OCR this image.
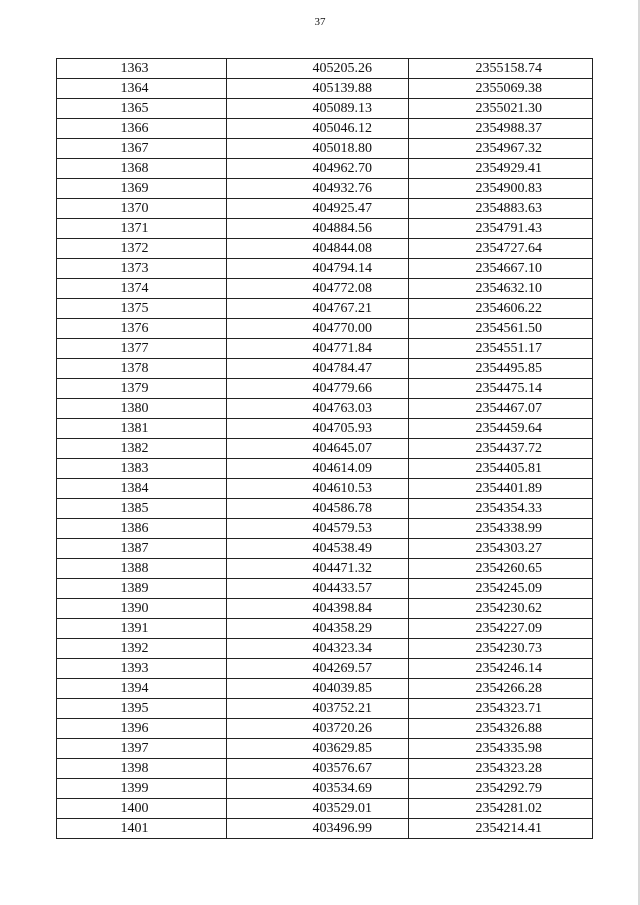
37
1363	405205.26	2355158.74
1364	405139.88	2355069.38
1365	405089.13	2355021.30
1366	405046.12	2354988.37
1367	405018.80	2354967.32
1368	404962.70	2354929.41
1369	404932.76	2354900.83
1370	404925.47	2354883.63
1371	404884.56	2354791.43
1372	404844.08	2354727.64
1373	404794.14	2354667.10
1374	404772.08	2354632.10
1375	404767.21	2354606.22
1376	404770.00	2354561.50
1377	404771.84	2354551.17
1378	404784.47	2354495.85
1379	404779.66	2354475.14
1380	404763.03	2354467.07
1381	404705.93	2354459.64
1382	404645.07	2354437.72
1383	404614.09	2354405.81
1384	404610.53	2354401.89
1385	404586.78	2354354.33
1386	404579.53	2354338.99
1387	404538.49	2354303.27
1388	404471.32	2354260.65
1389	404433.57	2354245.09
1390	404398.84	2354230.62
1391	404358.29	2354227.09
1392	404323.34	2354230.73
1393	404269.57	2354246.14
1394	404039.85	2354266.28
1395	403752.21	2354323.71
1396	403720.26	2354326.88
1397	403629.85	2354335.98
1398	403576.67	2354323.28
1399	403534.69	2354292.79
1400	403529.01	2354281.02
1401	403496.99	2354214.41
